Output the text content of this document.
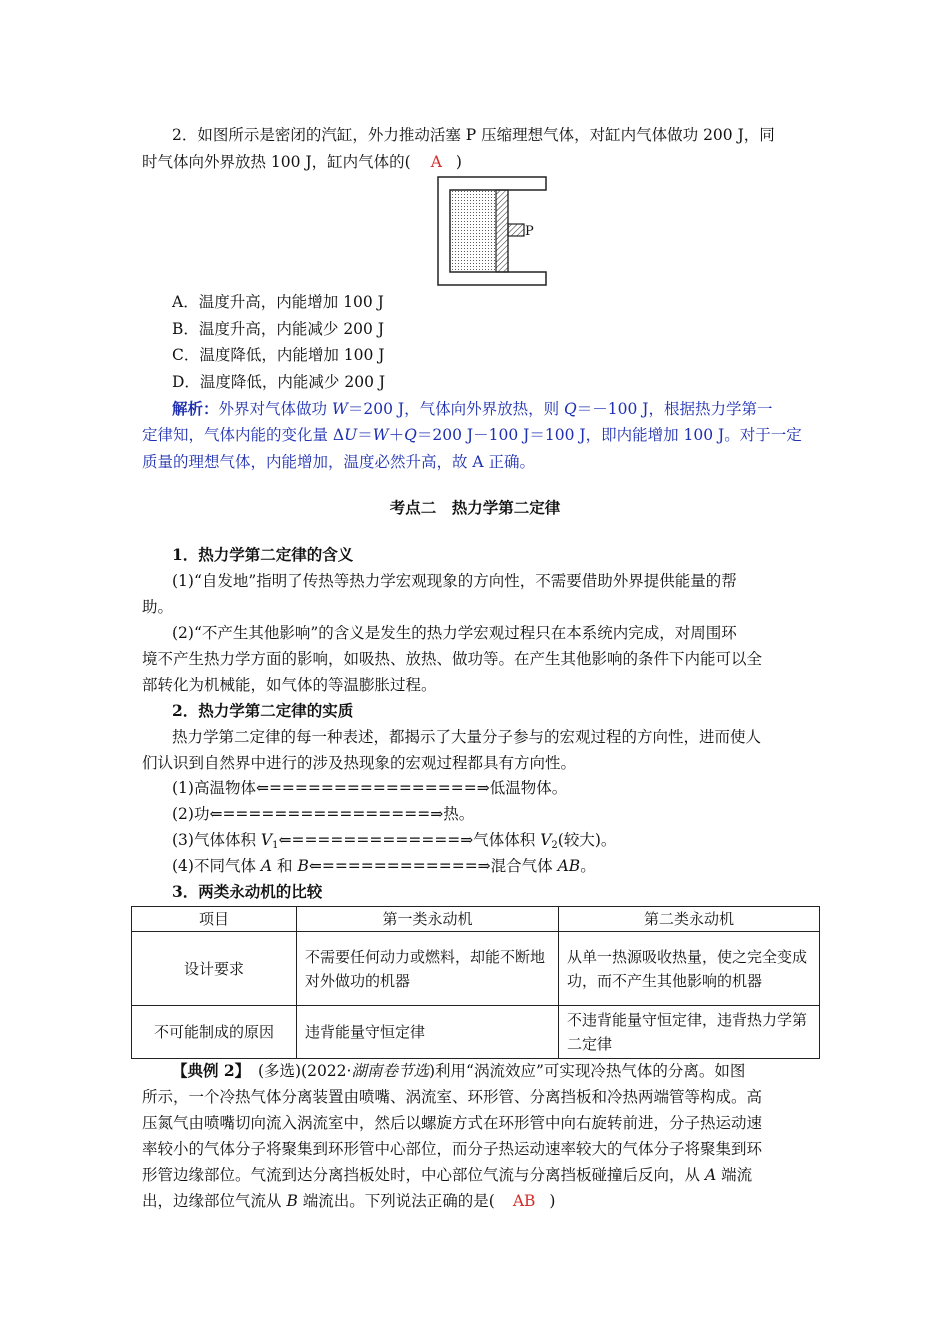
2．如图所示是密闭的汽缸，外力推动活塞 P 压缩理想气体，对缸内气体做功 200 J，同
时气体向外界放热 100 J，缸内气体的( A )
P
A．温度升高，内能增加 100 J
B．温度升高，内能减少 200 J
C．温度降低，内能增加 100 J
D．温度降低，内能减少 200 J
解析：外界对气体做功 W＝200 J，气体向外界放热，则 Q＝－100 J，根据热力学第一
定律知，气体内能的变化量 ΔU＝W＋Q＝200 J－100 J＝100 J，即内能增加 100 J。对于一定
质量的理想气体，内能增加，温度必然升高，故 A 正确。
考点二　热力学第二定律
1．热力学第二定律的含义
(1)“自发地”指明了传热等热力学宏观现象的方向性，不需要借助外界提供能量的帮
助。
(2)“不产生其他影响”的含义是发生的热力学宏观过程只在本系统内完成，对周围环
境不产生热力学方面的影响，如吸热、放热、做功等。在产生其他影响的条件下内能可以全
部转化为机械能，如气体的等温膨胀过程。
2．热力学第二定律的实质
热力学第二定律的每一种表述，都揭示了大量分子参与的宏观过程的方向性，进而使人
们认识到自然界中进行的涉及热现象的宏观过程都具有方向性。
(1)高温物体⇐================⇒低温物体。
(2)功⇐================⇒热。
(3)气体体积 $V_1⇐=============\Rightarrow$气体体积 $V_2$(较大)。
(4)不同气体 A 和 B⇐============⇒混合气体 AB。
3．两类永动机的比较
项目	第一类永动机	第二类永动机
设计要求	不需要任何动力或燃料，却能不断地对外做功的机器	从单一热源吸收热量，使之完全变成功，而不产生其他影响的机器
不可能制成的原因	违背能量守恒定律	不违背能量守恒定律，违背热力学第二定律
【典例 2】　(多选)(2022·湖南卷节选)利用“涡流效应”可实现冷热气体的分离。如图
所示，一个冷热气体分离装置由喷嘴、涡流室、环形管、分离挡板和冷热两端管等构成。高
压氮气由喷嘴切向流入涡流室中，然后以螺旋方式在环形管中向右旋转前进，分子热运动速
率较小的气体分子将聚集到环形管中心部位，而分子热运动速率较大的气体分子将聚集到环
形管边缘部位。气流到达分离挡板处时，中心部位气流与分离挡板碰撞后反向，从 A 端流
出，边缘部位气流从 B 端流出。下列说法正确的是( AB )
